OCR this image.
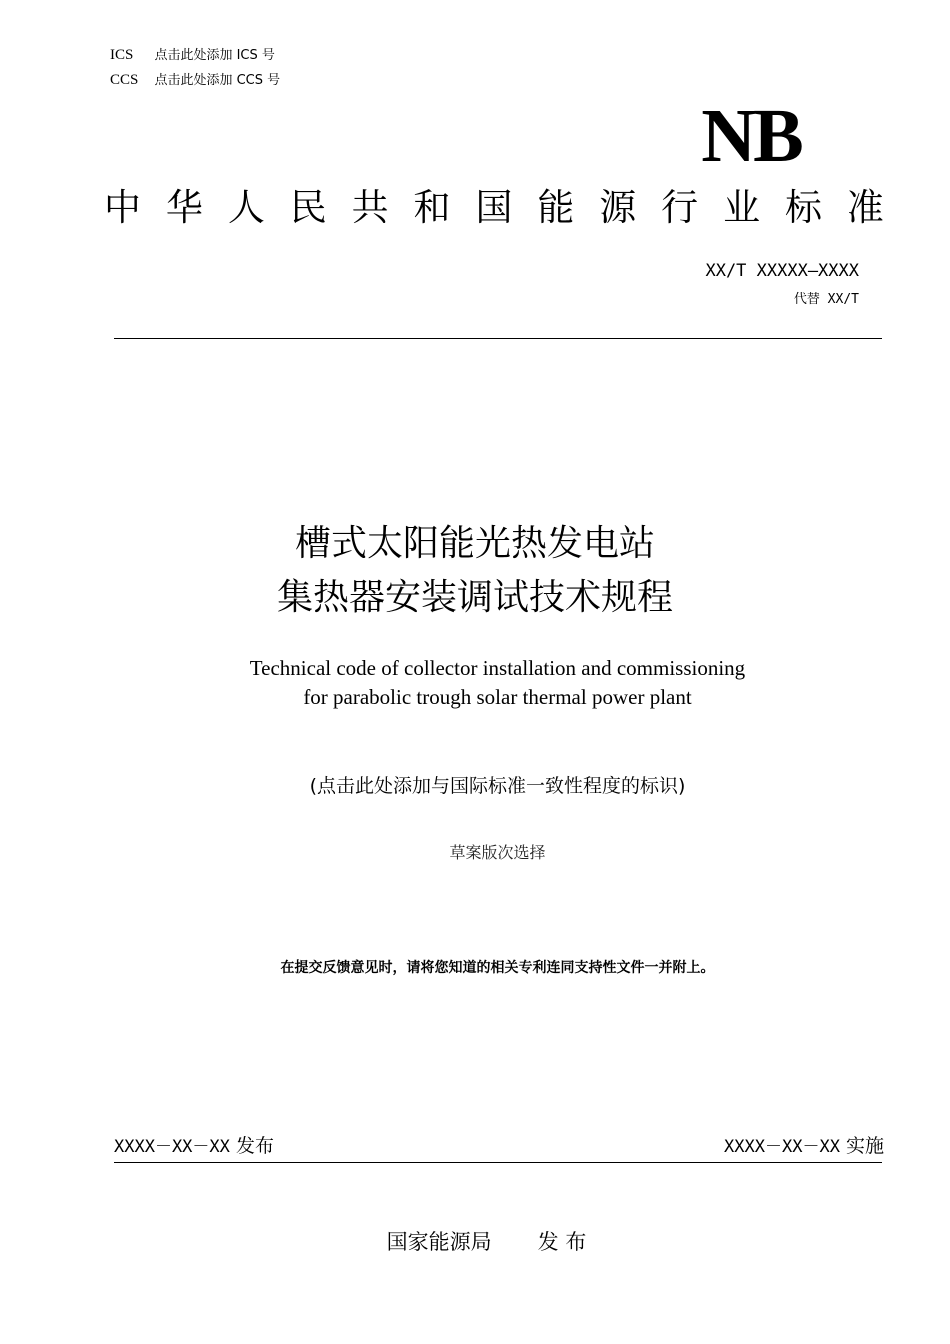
ICS 点击此处添加 ICS 号
CCS 点击此处添加 CCS 号
NB
中 华 人 民 共 和 国 能 源 行 业 标 准
XX/T XXXXX—XXXX
代替 XX/T
槽式太阳能光热发电站
集热器安装调试技术规程
Technical code of collector installation and commissioning
for parabolic trough solar thermal power plant
(点击此处添加与国际标准一致性程度的标识)
草案版次选择
在提交反馈意见时，请将您知道的相关专利连同支持性文件一并附上。
XXXX－XX－XX 发布	XXXX－XX－XX 实施
国家能源局 发 布
